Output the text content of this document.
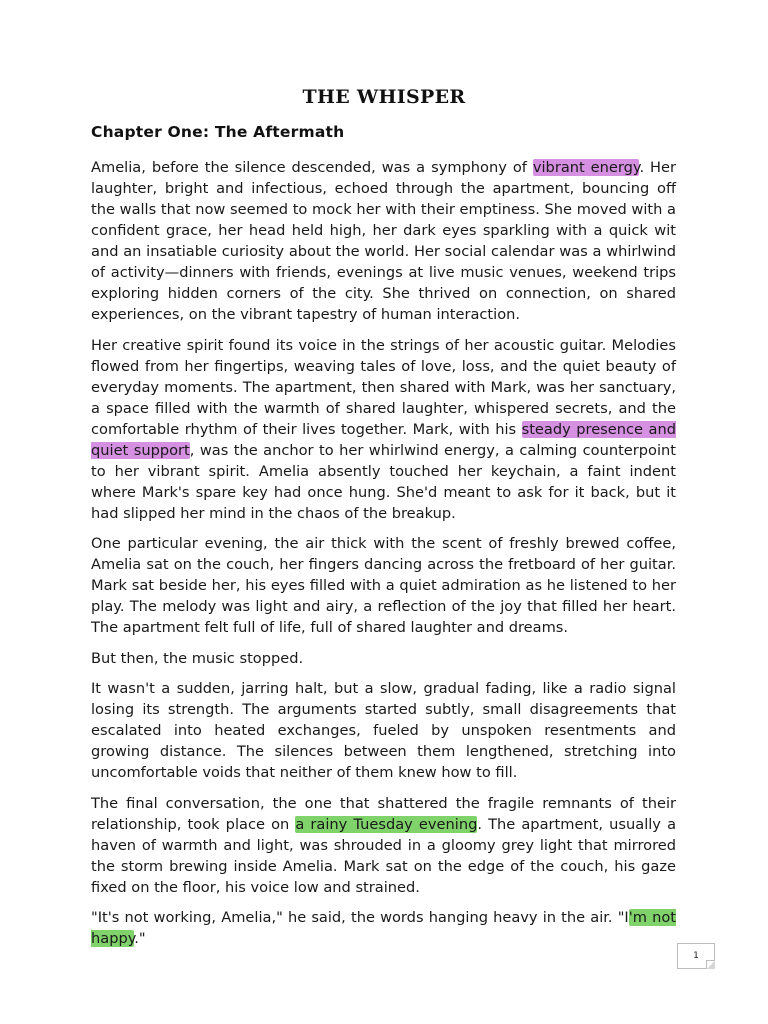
THE WHISPER
Chapter One: The Aftermath

Amelia, before the silence descended, was a symphony of vibrant energy. Her laughter, bright and infectious, echoed through the apartment, bouncing off the walls that now seemed to mock her with their emptiness. She moved with a confident grace, her head held high, her dark eyes sparkling with a quick wit and an insatiable curiosity about the world. Her social calendar was a whirlwind of activity—dinners with friends, evenings at live music venues, weekend trips exploring hidden corners of the city. She thrived on connection, on shared experiences, on the vibrant tapestry of human interaction.

Her creative spirit found its voice in the strings of her acoustic guitar. Melodies flowed from her fingertips, weaving tales of love, loss, and the quiet beauty of everyday moments. The apartment, then shared with Mark, was her sanctuary, a space filled with the warmth of shared laughter, whispered secrets, and the comfortable rhythm of their lives together. Mark, with his steady presence and quiet support, was the anchor to her whirlwind energy, a calming counterpoint to her vibrant spirit. Amelia absently touched her keychain, a faint indent where Mark's spare key had once hung. She'd meant to ask for it back, but it had slipped her mind in the chaos of the breakup.

One particular evening, the air thick with the scent of freshly brewed coffee, Amelia sat on the couch, her fingers dancing across the fretboard of her guitar. Mark sat beside her, his eyes filled with a quiet admiration as he listened to her play. The melody was light and airy, a reflection of the joy that filled her heart. The apartment felt full of life, full of shared laughter and dreams.

But then, the music stopped.

It wasn't a sudden, jarring halt, but a slow, gradual fading, like a radio signal losing its strength. The arguments started subtly, small disagreements that escalated into heated exchanges, fueled by unspoken resentments and growing distance. The silences between them lengthened, stretching into uncomfortable voids that neither of them knew how to fill.

The final conversation, the one that shattered the fragile remnants of their relationship, took place on a rainy Tuesday evening. The apartment, usually a haven of warmth and light, was shrouded in a gloomy grey light that mirrored the storm brewing inside Amelia. Mark sat on the edge of the couch, his gaze fixed on the floor, his voice low and strained.

"It's not working, Amelia," he said, the words hanging heavy in the air. "I'm not happy."

1
